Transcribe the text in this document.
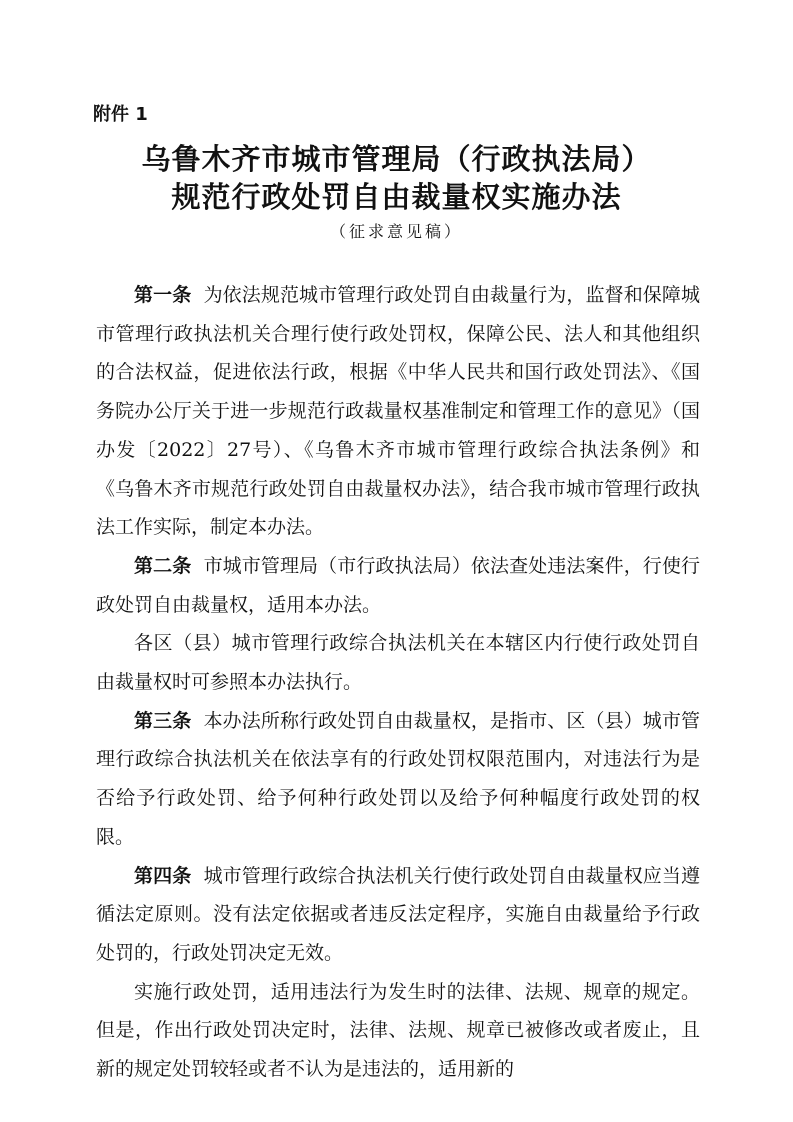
附件 1
乌鲁木齐市城市管理局（行政执法局）
规范行政处罚自由裁量权实施办法
（征求意见稿）

第一条 为依法规范城市管理行政处罚自由裁量行为，监督和保障城市管理行政执法机关合理行使行政处罚权，保障公民、法人和其他组织的合法权益，促进依法行政，根据《中华人民共和国行政处罚法》、《国务院办公厅关于进一步规范行政裁量权基准制定和管理工作的意见》（国办发〔2022〕27号）、《乌鲁木齐市城市管理行政综合执法条例》和《乌鲁木齐市规范行政处罚自由裁量权办法》，结合我市城市管理行政执法工作实际，制定本办法。

第二条 市城市管理局（市行政执法局）依法查处违法案件，行使行政处罚自由裁量权，适用本办法。

各区（县）城市管理行政综合执法机关在本辖区内行使行政处罚自由裁量权时可参照本办法执行。

第三条 本办法所称行政处罚自由裁量权，是指市、区（县）城市管理行政综合执法机关在依法享有的行政处罚权限范围内，对违法行为是否给予行政处罚、给予何种行政处罚以及给予何种幅度行政处罚的权限。

第四条 城市管理行政综合执法机关行使行政处罚自由裁量权应当遵循法定原则。没有法定依据或者违反法定程序，实施自由裁量给予行政处罚的，行政处罚决定无效。

实施行政处罚，适用违法行为发生时的法律、法规、规章的规定。但是，作出行政处罚决定时，法律、法规、规章已被修改或者废止，且新的规定处罚较轻或者不认为是违法的，适用新的
